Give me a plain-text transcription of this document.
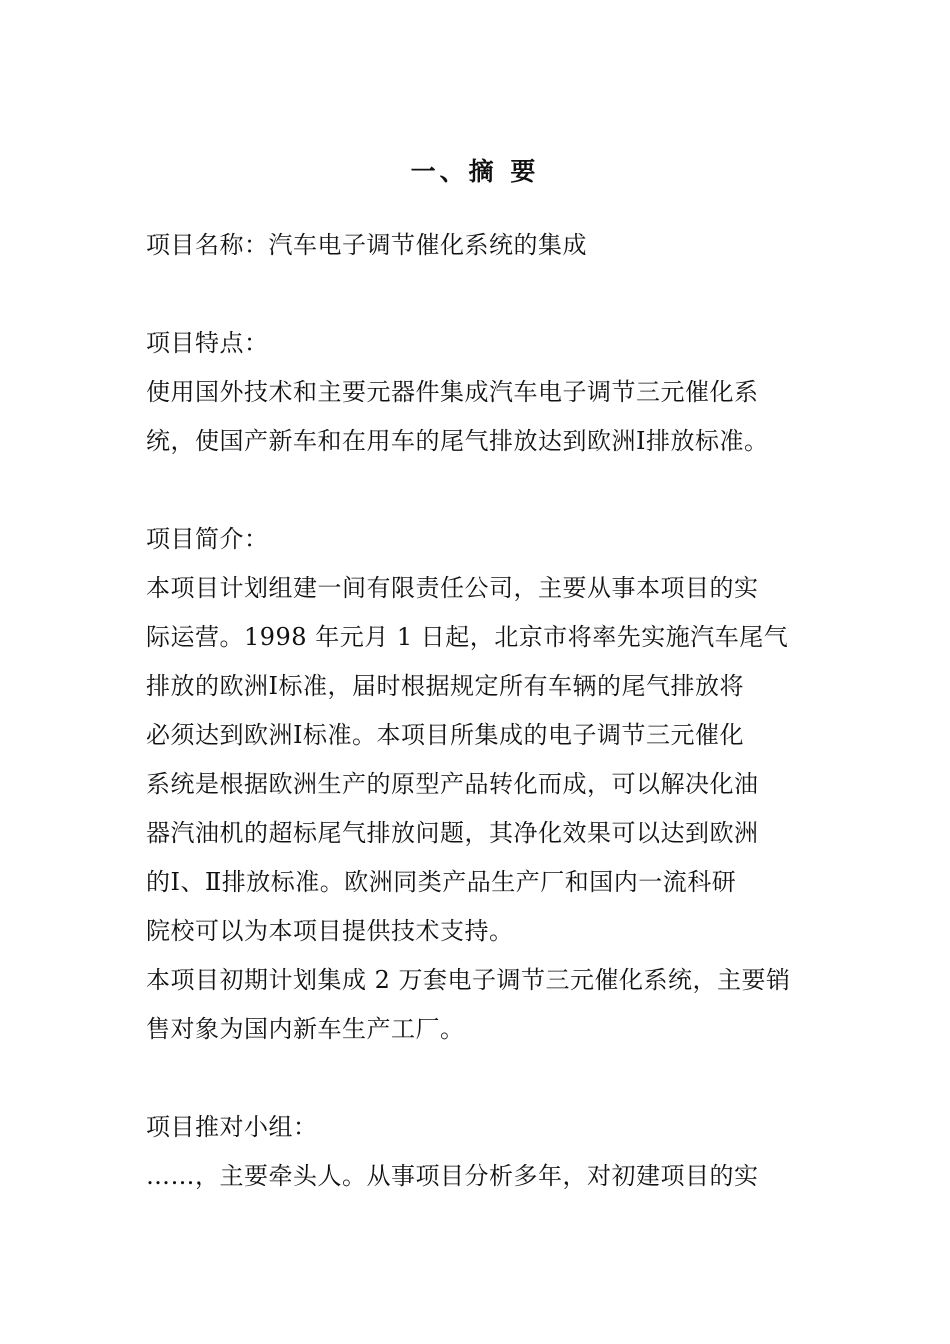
一、摘 要
项目名称：汽车电子调节催化系统的集成
项目特点：
使用国外技术和主要元器件集成汽车电子调节三元催化系
统，使国产新车和在用车的尾气排放达到欧洲Ⅰ排放标准。
项目简介：
本项目计划组建一间有限责任公司，主要从事本项目的实
际运营。1998 年元月 1 日起，北京市将率先实施汽车尾气
排放的欧洲Ⅰ标准，届时根据规定所有车辆的尾气排放将
必须达到欧洲Ⅰ标准。本项目所集成的电子调节三元催化
系统是根据欧洲生产的原型产品转化而成，可以解决化油
器汽油机的超标尾气排放问题，其净化效果可以达到欧洲
的Ⅰ、Ⅱ排放标准。欧洲同类产品生产厂和国内一流科研
院校可以为本项目提供技术支持。
本项目初期计划集成 2 万套电子调节三元催化系统，主要销
售对象为国内新车生产工厂。
项目推对小组：
……，主要牵头人。从事项目分析多年，对初建项目的实
